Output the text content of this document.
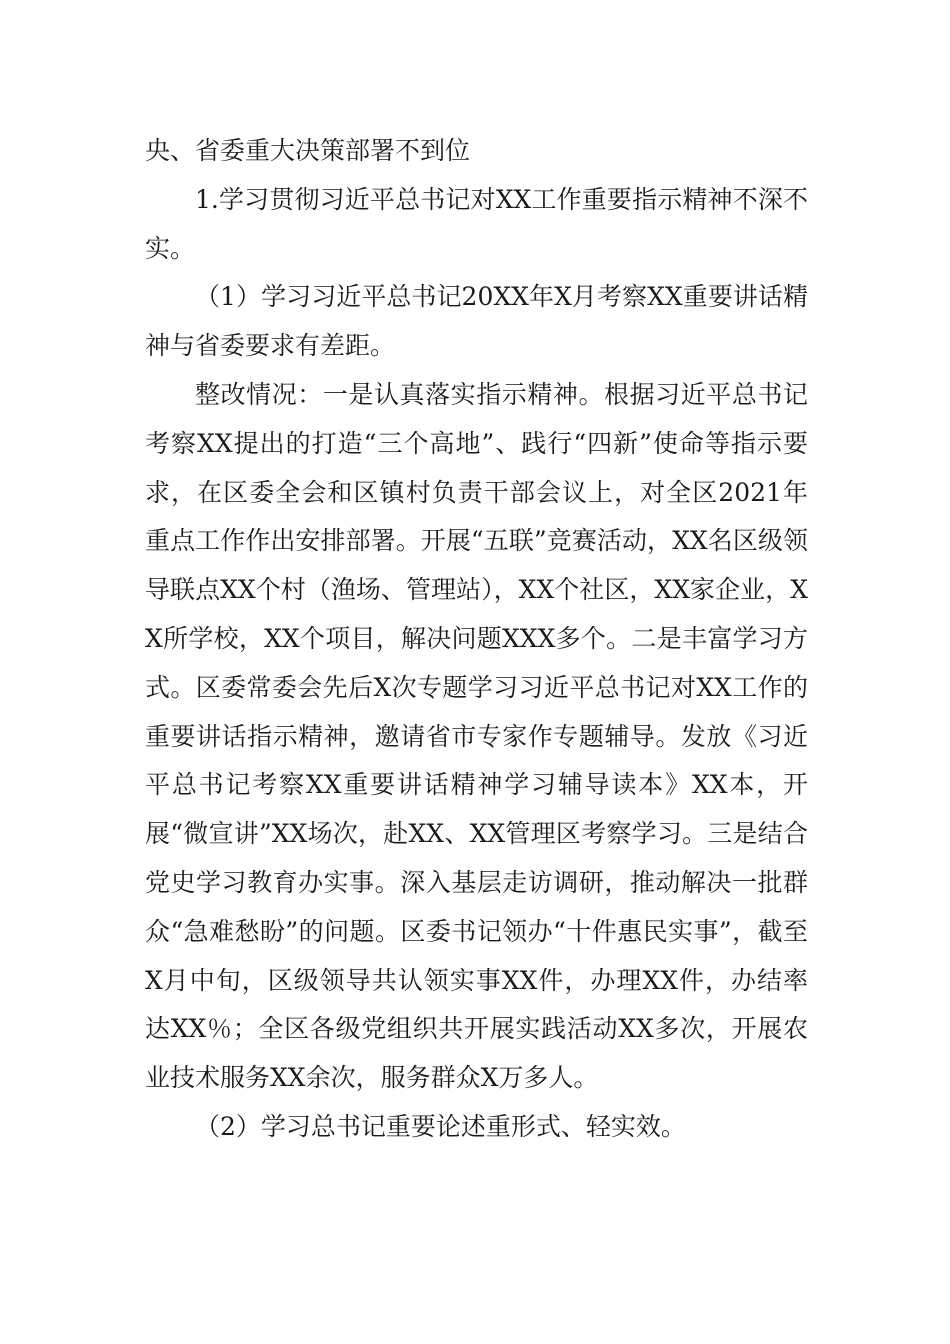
央、省委重大决策部署不到位

1.学习贯彻习近平总书记对XX工作重要指示精神不深不实。

（1）学习习近平总书记20XX年X月考察XX重要讲话精神与省委要求有差距。

整改情况：一是认真落实指示精神。根据习近平总书记考察XX提出的打造“三个高地”、践行“四新”使命等指示要求，在区委全会和区镇村负责干部会议上，对全区2021年重点工作作出安排部署。开展“五联”竞赛活动，XX名区级领导联点XX个村（渔场、管理站），XX个社区，XX家企业，XX所学校，XX个项目，解决问题XXX多个。二是丰富学习方式。区委常委会先后X次专题学习习近平总书记对XX工作的重要讲话指示精神，邀请省市专家作专题辅导。发放《习近平总书记考察XX重要讲话精神学习辅导读本》XX本，开展“微宣讲”XX场次，赴XX、XX管理区考察学习。三是结合党史学习教育办实事。深入基层走访调研，推动解决一批群众“急难愁盼”的问题。区委书记领办“十件惠民实事”，截至X月中旬，区级领导共认领实事XX件，办理XX件，办结率达XX％；全区各级党组织共开展实践活动XX多次，开展农业技术服务XX余次，服务群众X万多人。

（2）学习总书记重要论述重形式、轻实效。
